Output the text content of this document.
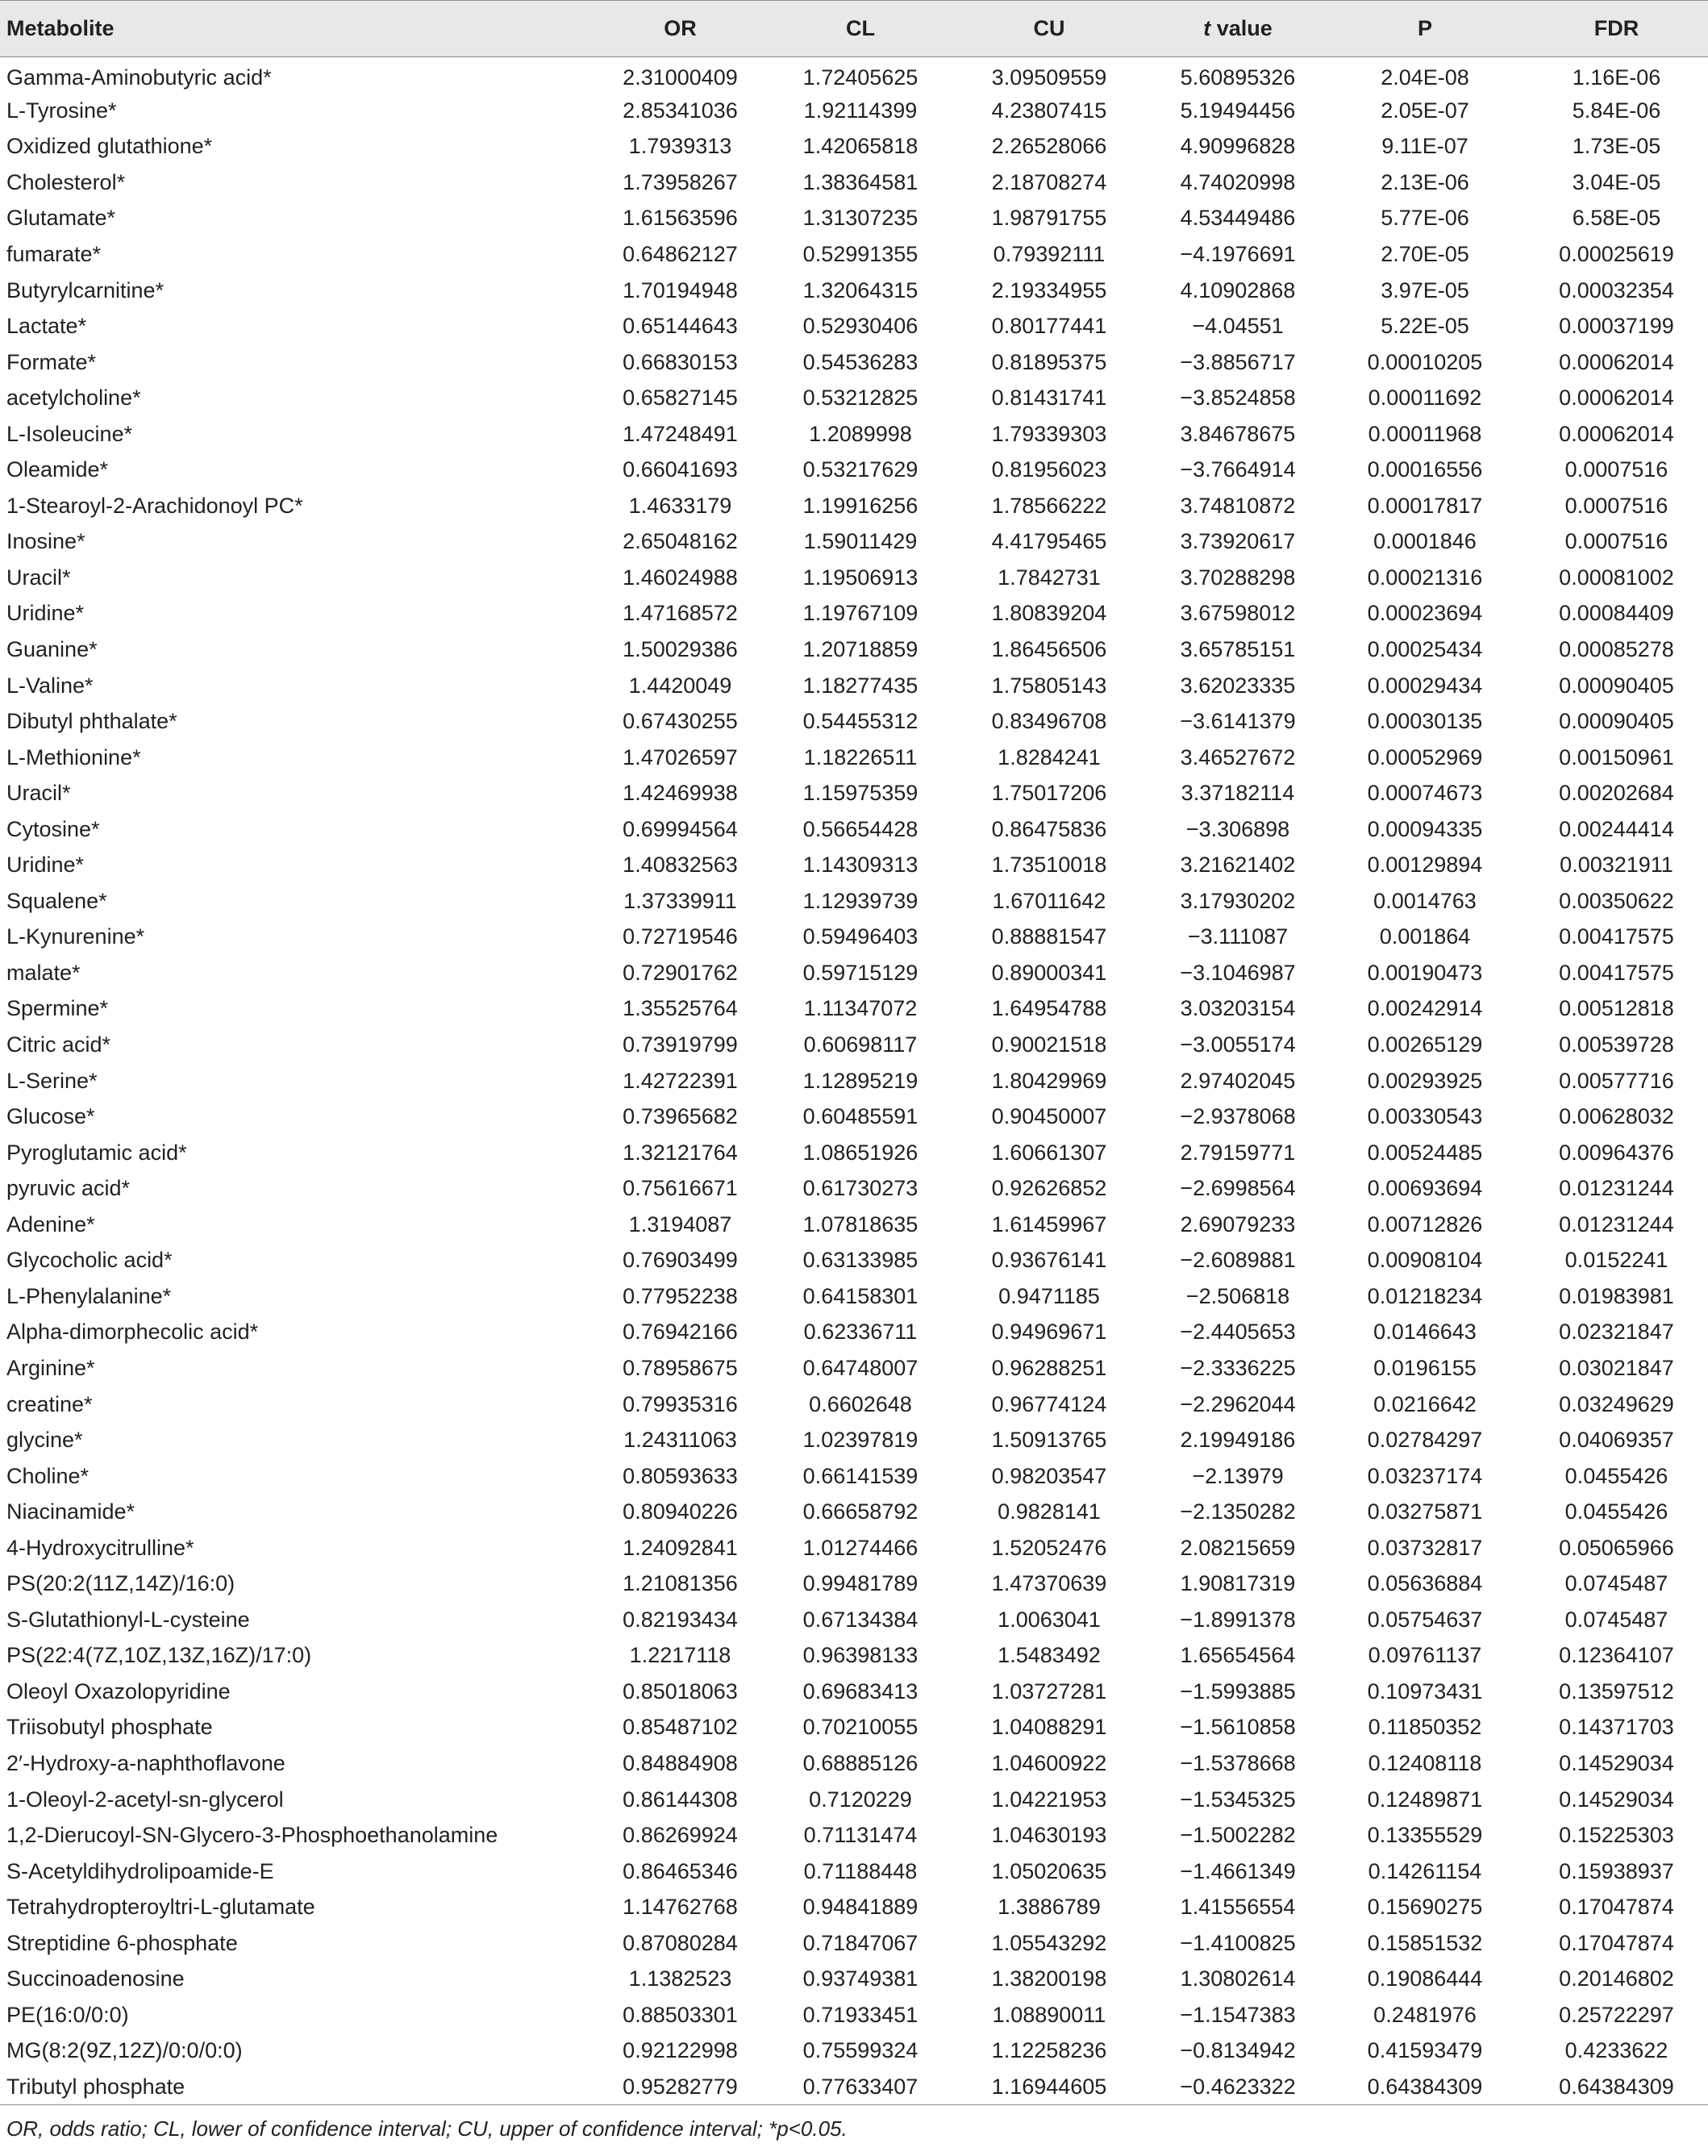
Metabolite	OR	CL	CU	t value	P	FDR
Gamma-Aminobutyric acid*	2.31000409	1.72405625	3.09509559	5.60895326	2.04E-08	1.16E-06
L-Tyrosine*	2.85341036	1.92114399	4.23807415	5.19494456	2.05E-07	5.84E-06
Oxidized glutathione*	1.7939313	1.42065818	2.26528066	4.90996828	9.11E-07	1.73E-05
Cholesterol*	1.73958267	1.38364581	2.18708274	4.74020998	2.13E-06	3.04E-05
Glutamate*	1.61563596	1.31307235	1.98791755	4.53449486	5.77E-06	6.58E-05
fumarate*	0.64862127	0.52991355	0.79392111	−4.1976691	2.70E-05	0.00025619
Butyrylcarnitine*	1.70194948	1.32064315	2.19334955	4.10902868	3.97E-05	0.00032354
Lactate*	0.65144643	0.52930406	0.80177441	−4.04551	5.22E-05	0.00037199
Formate*	0.66830153	0.54536283	0.81895375	−3.8856717	0.00010205	0.00062014
acetylcholine*	0.65827145	0.53212825	0.81431741	−3.8524858	0.00011692	0.00062014
L-Isoleucine*	1.47248491	1.2089998	1.79339303	3.84678675	0.00011968	0.00062014
Oleamide*	0.66041693	0.53217629	0.81956023	−3.7664914	0.00016556	0.0007516
1-Stearoyl-2-Arachidonoyl PC*	1.4633179	1.19916256	1.78566222	3.74810872	0.00017817	0.0007516
Inosine*	2.65048162	1.59011429	4.41795465	3.73920617	0.0001846	0.0007516
Uracil*	1.46024988	1.19506913	1.7842731	3.70288298	0.00021316	0.00081002
Uridine*	1.47168572	1.19767109	1.80839204	3.67598012	0.00023694	0.00084409
Guanine*	1.50029386	1.20718859	1.86456506	3.65785151	0.00025434	0.00085278
L-Valine*	1.4420049	1.18277435	1.75805143	3.62023335	0.00029434	0.00090405
Dibutyl phthalate*	0.67430255	0.54455312	0.83496708	−3.6141379	0.00030135	0.00090405
L-Methionine*	1.47026597	1.18226511	1.8284241	3.46527672	0.00052969	0.00150961
Uracil*	1.42469938	1.15975359	1.75017206	3.37182114	0.00074673	0.00202684
Cytosine*	0.69994564	0.56654428	0.86475836	−3.306898	0.00094335	0.00244414
Uridine*	1.40832563	1.14309313	1.73510018	3.21621402	0.00129894	0.00321911
Squalene*	1.37339911	1.12939739	1.67011642	3.17930202	0.0014763	0.00350622
L-Kynurenine*	0.72719546	0.59496403	0.88881547	−3.111087	0.001864	0.00417575
malate*	0.72901762	0.59715129	0.89000341	−3.1046987	0.00190473	0.00417575
Spermine*	1.35525764	1.11347072	1.64954788	3.03203154	0.00242914	0.00512818
Citric acid*	0.73919799	0.60698117	0.90021518	−3.0055174	0.00265129	0.00539728
L-Serine*	1.42722391	1.12895219	1.80429969	2.97402045	0.00293925	0.00577716
Glucose*	0.73965682	0.60485591	0.90450007	−2.9378068	0.00330543	0.00628032
Pyroglutamic acid*	1.32121764	1.08651926	1.60661307	2.79159771	0.00524485	0.00964376
pyruvic acid*	0.75616671	0.61730273	0.92626852	−2.6998564	0.00693694	0.01231244
Adenine*	1.3194087	1.07818635	1.61459967	2.69079233	0.00712826	0.01231244
Glycocholic acid*	0.76903499	0.63133985	0.93676141	−2.6089881	0.00908104	0.0152241
L-Phenylalanine*	0.77952238	0.64158301	0.9471185	−2.506818	0.01218234	0.01983981
Alpha-dimorphecolic acid*	0.76942166	0.62336711	0.94969671	−2.4405653	0.0146643	0.02321847
Arginine*	0.78958675	0.64748007	0.96288251	−2.3336225	0.0196155	0.03021847
creatine*	0.79935316	0.6602648	0.96774124	−2.2962044	0.0216642	0.03249629
glycine*	1.24311063	1.02397819	1.50913765	2.19949186	0.02784297	0.04069357
Choline*	0.80593633	0.66141539	0.98203547	−2.13979	0.03237174	0.0455426
Niacinamide*	0.80940226	0.66658792	0.9828141	−2.1350282	0.03275871	0.0455426
4-Hydroxycitrulline*	1.24092841	1.01274466	1.52052476	2.08215659	0.03732817	0.05065966
PS(20:2(11Z,14Z)/16:0)	1.21081356	0.99481789	1.47370639	1.90817319	0.05636884	0.0745487
S-Glutathionyl-L-cysteine	0.82193434	0.67134384	1.0063041	−1.8991378	0.05754637	0.0745487
PS(22:4(7Z,10Z,13Z,16Z)/17:0)	1.2217118	0.96398133	1.5483492	1.65654564	0.09761137	0.12364107
Oleoyl Oxazolopyridine	0.85018063	0.69683413	1.03727281	−1.5993885	0.10973431	0.13597512
Triisobutyl phosphate	0.85487102	0.70210055	1.04088291	−1.5610858	0.11850352	0.14371703
2′-Hydroxy-a-naphthoflavone	0.84884908	0.68885126	1.04600922	−1.5378668	0.12408118	0.14529034
1-Oleoyl-2-acetyl-sn-glycerol	0.86144308	0.7120229	1.04221953	−1.5345325	0.12489871	0.14529034
1,2-Dierucoyl-SN-Glycero-3-Phosphoethanolamine	0.86269924	0.71131474	1.04630193	−1.5002282	0.13355529	0.15225303
S-Acetyldihydrolipoamide-E	0.86465346	0.71188448	1.05020635	−1.4661349	0.14261154	0.15938937
Tetrahydropteroyltri-L-glutamate	1.14762768	0.94841889	1.3886789	1.41556554	0.15690275	0.17047874
Streptidine 6-phosphate	0.87080284	0.71847067	1.05543292	−1.4100825	0.15851532	0.17047874
Succinoadenosine	1.1382523	0.93749381	1.38200198	1.30802614	0.19086444	0.20146802
PE(16:0/0:0)	0.88503301	0.71933451	1.08890011	−1.1547383	0.2481976	0.25722297
MG(8:2(9Z,12Z)/0:0/0:0)	0.92122998	0.75599324	1.12258236	−0.8134942	0.41593479	0.4233622
Tributyl phosphate	0.95282779	0.77633407	1.16944605	−0.4623322	0.64384309	0.64384309
OR, odds ratio; CL, lower of confidence interval; CU, upper of confidence interval; *p<0.05.
